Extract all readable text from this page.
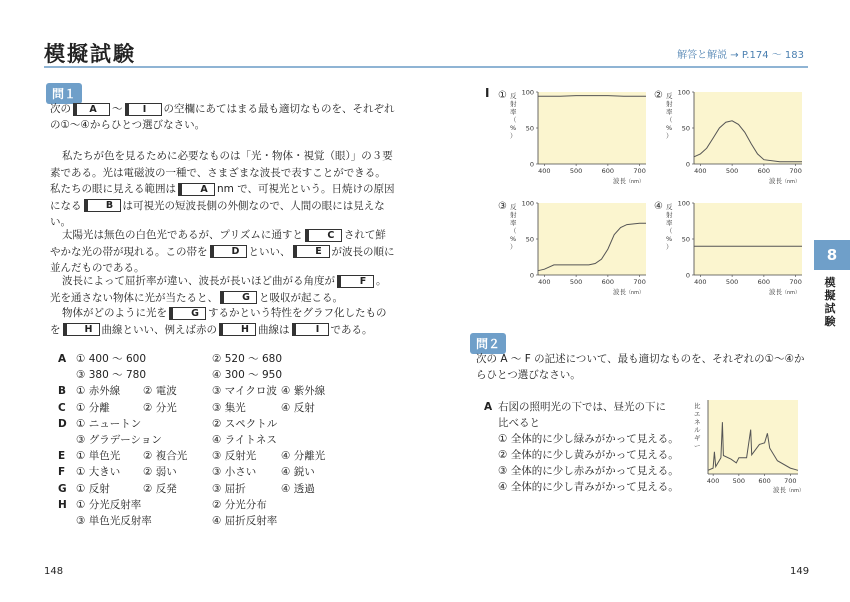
模擬試験	解答と解説 → P.174 〜 183
問１
次の A 〜 I の空欄にあてはまる最も適切なものを、それぞれの①〜④からひとつ選びなさい。
私たちが色を見るために必要なものは「光・物体・視覚（眼）」の３要素である。光は電磁波の一種で、さまざまな波長で表すことができる。私たちの眼に見える範囲は	A nm で、可視光という。日焼けの原因になる	B は可視光の短波長側の外側なので、人間の眼には見えない。
太陽光は無色の白色光であるが、プリズムに通すと	C されて鮮やかな光の帯が現れる。この帯を	D といい、	E が波長の順に並んだものである。
波長によって屈折率が違い、波長が長いほど曲がる角度が	F 。光を通さない物体に光が当たると、	G と吸収が起こる。
物体がどのように光を	G するかという特性をグラフ化したものを	H 曲線といい、例えば赤の	H 曲線は	I である。
A ① 400 〜 600	② 520 〜 680
③ 380 〜 780	④ 300 〜 950
B ① 赤外線 ② 電波	③ マイクロ波 ④ 紫外線
C ① 分離	② 分光	③ 集光	④ 反射
D ① ニュートン	② スペクトル
③ グラデーション	④ ライトネス
E ① 単色光 ② 複合光 ③ 反射光 ④ 分離光
F ① 大きい ② 弱い	③ 小さい ④ 鋭い
G ① 反射	② 反発	③ 屈折	④ 透過
H ① 分光反射率	② 分光分布
③ 単色光反射率	④ 屈折反射率
I ① 反
射
率
（
%
）
100
50
0
400	500	600	700
波長 （nm）
② 反
射
率
（
%
）
100
50
0
400	500	600	700
波長 （nm）
③ 反
射
率
（
%
）
100
50
0
400	500	600	700
波長 （nm）
④ 反
射
率
（
%
）
100
50
0
400	500	600	700
波長 （nm）
問２
次の A 〜 F の記述について、最も適切なものを、それぞれの①〜④からひとつ選びなさい。
A 右図の照明光の下では、昼光の下に
比べると
① 全体的に少し緑みがかって見える。
② 全体的に少し黄みがかって見える。
③ 全体的に少し赤みがかって見える。
④ 全体的に少し青みがかって見える。
比
エ
ネ
ル
ギ
ー
400 500 600 700
波長 （nm）
8
模
擬
試
験
148	149
